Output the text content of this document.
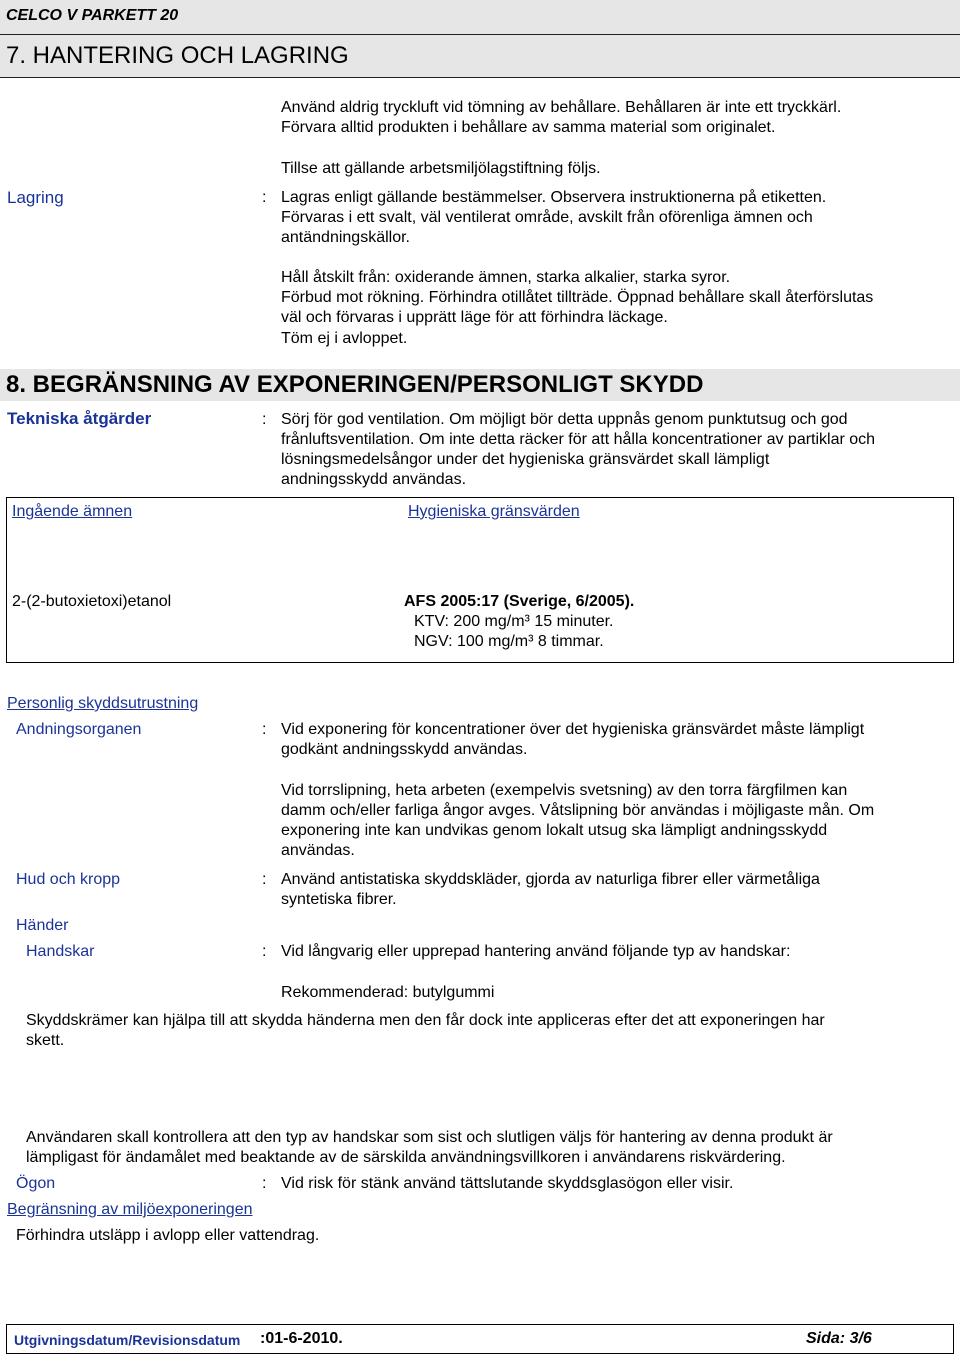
CELCO V PARKETT 20
7. HANTERING OCH LAGRING
Använd aldrig tryckluft vid tömning av behållare. Behållaren är inte ett tryckkärl.
Förvara alltid produkten i behållare av samma material som originalet.
Tillse att gällande arbetsmiljölagstiftning följs.
Lagring	: Lagras enligt gällande bestämmelser. Observera instruktionerna på etiketten.
Förvaras i ett svalt, väl ventilerat område, avskilt från oförenliga ämnen och
antändningskällor.
Håll åtskilt från: oxiderande ämnen, starka alkalier, starka syror.
Förbud mot rökning. Förhindra otillåtet tillträde. Öppnad behållare skall återförslutas
väl och förvaras i upprätt läge för att förhindra läckage.
Töm ej i avloppet.
8. BEGRÄNSNING AV EXPONERINGEN/PERSONLIGT SKYDD
Tekniska åtgärder	: Sörj för god ventilation. Om möjligt bör detta uppnås genom punktutsug och god
frånluftsventilation. Om inte detta räcker för att hålla koncentrationer av partiklar och
lösningsmedelsångor under det hygieniska gränsvärdet skall lämpligt
andningsskydd användas.
Ingående ämnen	Hygieniska gränsvärden
2-(2-butoxietoxi)etanol	AFS 2005:17 (Sverige, 6/2005).
KTV: 200 mg/m³ 15 minuter.
NGV: 100 mg/m³ 8 timmar.
Personlig skyddsutrustning
Andningsorganen	: Vid exponering för koncentrationer över det hygieniska gränsvärdet måste lämpligt
godkänt andningsskydd användas.
Vid torrslipning, heta arbeten (exempelvis svetsning) av den torra färgfilmen kan
damm och/eller farliga ångor avges. Våtslipning bör användas i möjligaste mån. Om
exponering inte kan undvikas genom lokalt utsug ska lämpligt andningsskydd
användas.
Hud och kropp	: Använd antistatiska skyddskläder, gjorda av naturliga fibrer eller värmetåliga
syntetiska fibrer.
Händer
Handskar	: Vid långvarig eller upprepad hantering använd följande typ av handskar:
Rekommenderad: butylgummi
Skyddskrämer kan hjälpa till att skydda händerna men den får dock inte appliceras efter det att exponeringen har
skett.
Användaren skall kontrollera att den typ av handskar som sist och slutligen väljs för hantering av denna produkt är
lämpligast för ändamålet med beaktande av de särskilda användningsvillkoren i användarens riskvärdering.
Ögon	: Vid risk för stänk använd tättslutande skyddsglasögon eller visir.
Begränsning av miljöexponeringen
Förhindra utsläpp i avlopp eller vattendrag.
Utgivningsdatum/Revisionsdatum :01-6-2010.	Sida: 3/6
